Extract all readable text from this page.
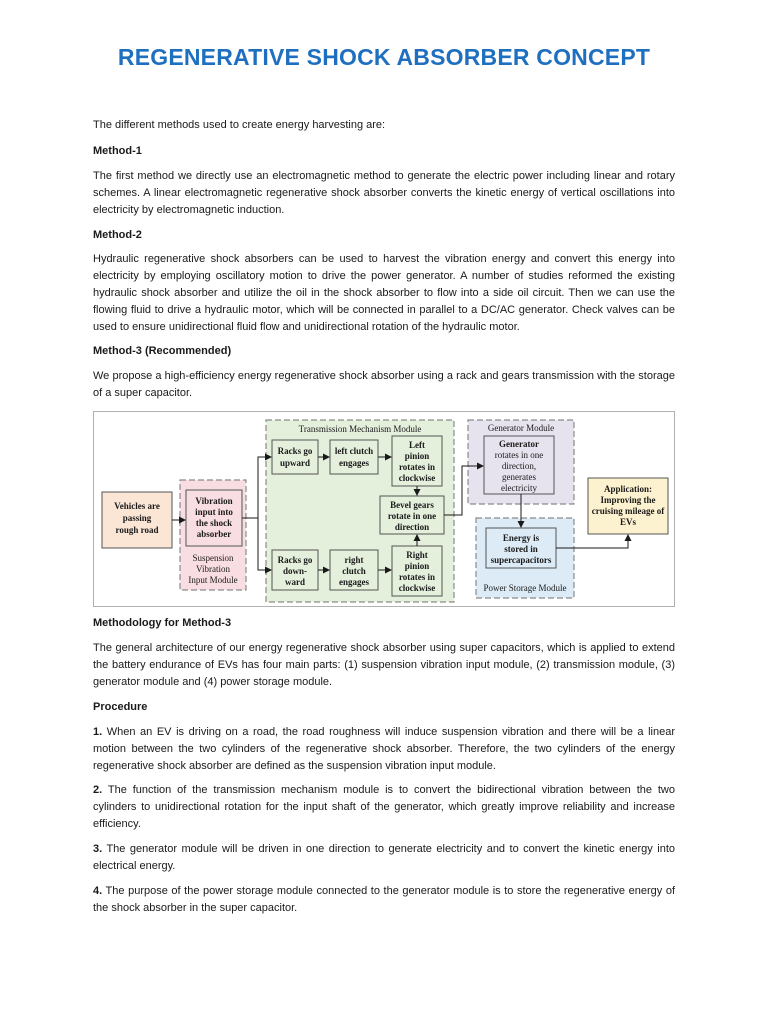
REGENERATIVE SHOCK ABSORBER CONCEPT
The different methods used to create energy harvesting are:
Method-1
The first method we directly use an electromagnetic method to generate the electric power including linear and rotary schemes. A linear electromagnetic regenerative shock absorber converts the kinetic energy of vertical oscillations into electricity by electromagnetic induction.
Method-2
Hydraulic regenerative shock absorbers can be used to harvest the vibration energy and convert this energy into electricity by employing oscillatory motion to drive the power generator. A number of studies reformed the existing hydraulic shock absorber and utilize the oil in the shock absorber to flow into a side oil circuit. Then we can use the flowing fluid to drive a hydraulic motor, which will be connected in parallel to a DC/AC generator. Check valves can be used to ensure unidirectional fluid flow and unidirectional rotation of the hydraulic motor.
Method-3 (Recommended)
We propose a high-efficiency energy regenerative shock absorber using a rack and gears transmission with the storage of a super capacitor.
Transmission Mechanism Module	Generator Module
Power Storage Module
Vehicles are
passing
rough road
Vibration
input into
the shock
absorber
Suspension
Vibration
Input Module
Racks go
upward
left clutch
engages
Left
pinion
rotates in
clockwise
Bevel gears
rotate in one
direction
Racks go
down-
ward
right
clutch
engages
Right
pinion
rotates in
clockwise
Generator
rotates in one
direction,
generates
electricity
Energy is
stored in
supercapacitors
Application:
Improving the
cruising mileage of
EVs
Methodology for Method-3
The general architecture of our energy regenerative shock absorber using super capacitors, which is applied to extend the battery endurance of EVs has four main parts: (1) suspension vibration input module, (2) transmission module, (3) generator module and (4) power storage module.
Procedure
1. When an EV is driving on a road, the road roughness will induce suspension vibration and there will be a linear motion between the two cylinders of the regenerative shock absorber. Therefore, the two cylinders of the energy regenerative shock absorber are defined as the suspension vibration input module.
2. The function of the transmission mechanism module is to convert the bidirectional vibration between the two cylinders to unidirectional rotation for the input shaft of the generator, which greatly improve reliability and increase efficiency.
3. The generator module will be driven in one direction to generate electricity and to convert the kinetic energy into electrical energy.
4. The purpose of the power storage module connected to the generator module is to store the regenerative energy of the shock absorber in the super capacitor.
